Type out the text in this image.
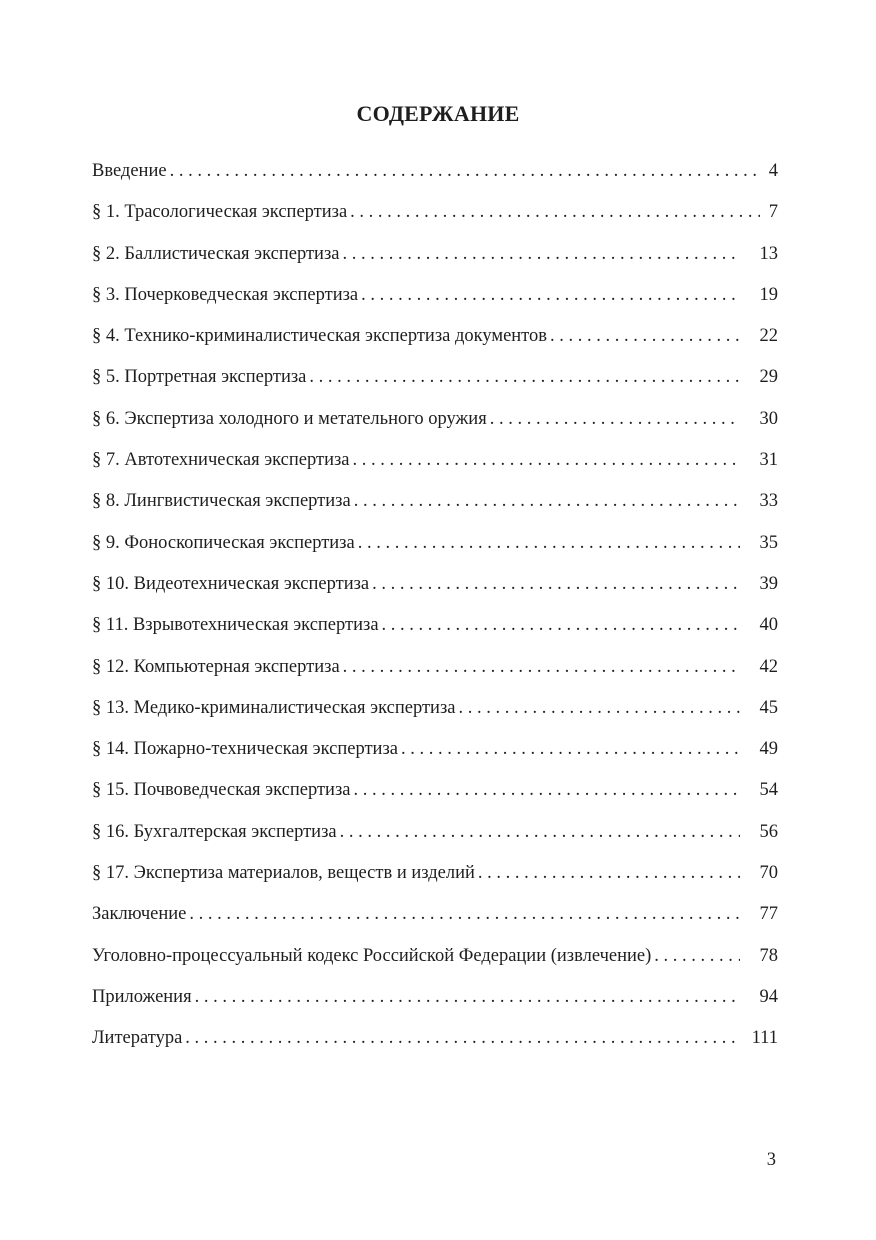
СОДЕРЖАНИЕ
Введение . . .	4
§ 1. Трасологическая экспертиза . . .	7
§ 2. Баллистическая экспертиза . . .	13
§ 3. Почерковедческая экспертиза . . .	19
§ 4. Технико-криминалистическая экспертиза документов . . .	22
§ 5. Портретная экспертиза . . .	29
§ 6. Экспертиза холодного и метательного оружия . . .	30
§ 7. Автотехническая экспертиза . . .	31
§ 8. Лингвистическая экспертиза . . .	33
§ 9. Фоноскопическая экспертиза . . .	35
§ 10. Видеотехническая экспертиза . . .	39
§ 11. Взрывотехническая экспертиза . . .	40
§ 12. Компьютерная экспертиза . . .	42
§ 13. Медико-криминалистическая экспертиза . . .	45
§ 14. Пожарно-техническая экспертиза . . .	49
§ 15. Почвоведческая экспертиза . . .	54
§ 16. Бухгалтерская экспертиза . . .	56
§ 17. Экспертиза материалов, веществ и изделий . . .	70
Заключение . . .	77
Уголовно-процессуальный кодекс Российской Федерации (извлечение) . . .	78
Приложения . . .	94
Литература . . .	111
3
